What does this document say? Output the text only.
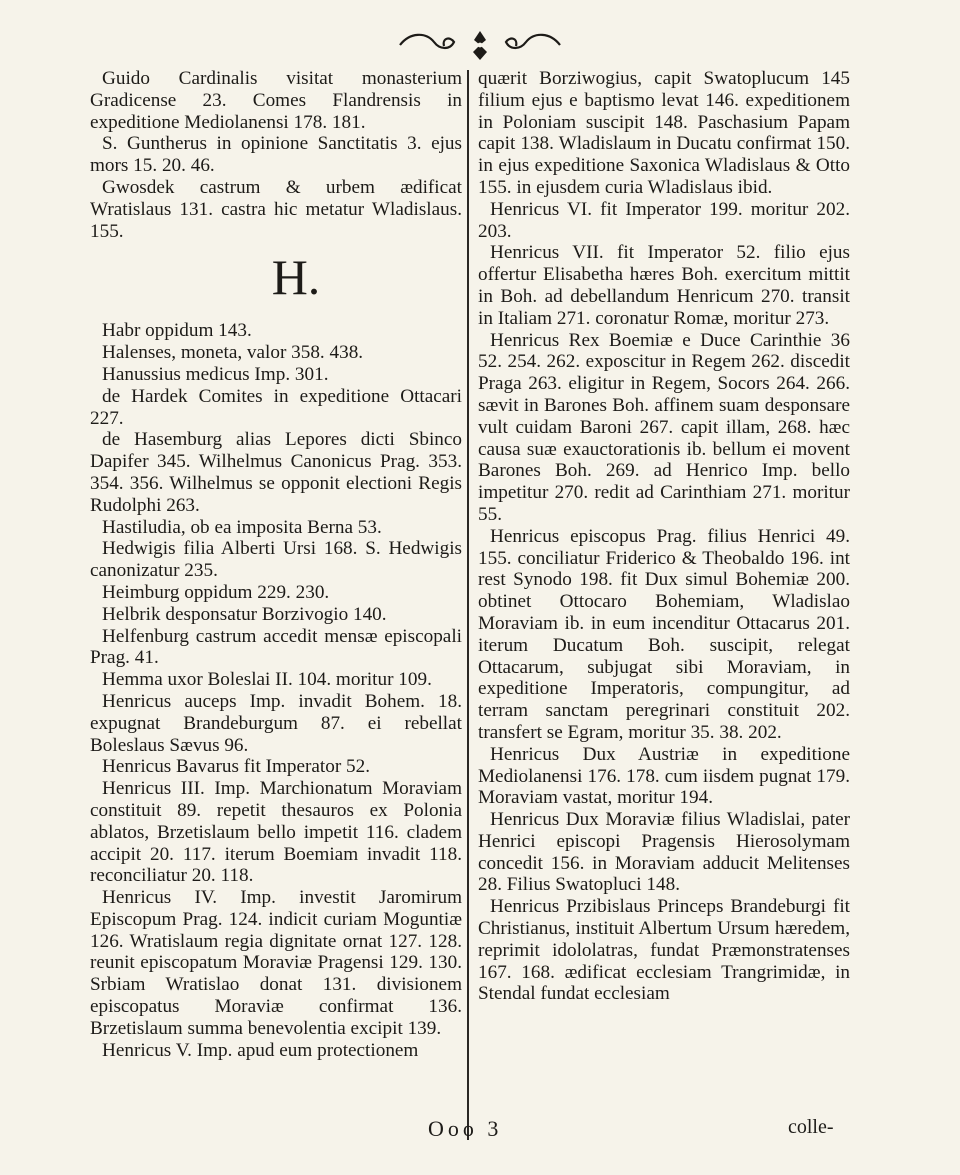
Guido Cardinalis visitat monasterium Gradicense 23. Comes Flandrensis in expeditione Mediolanensi 178. 181.

S. Guntherus in opinione Sanctitatis 3. ejus mors 15. 20. 46.

Gwosdek castrum & urbem ædificat Wratislaus 131. castra hic metatur Wladislaus. 155.

H.

Habr oppidum 143.

Halenses, moneta, valor 358. 438.

Hanussius medicus Imp. 301.

de Hardek Comites in expeditione Ottacari 227.

de Hasemburg alias Lepores dicti Sbinco Dapifer 345. Wilhelmus Canonicus Prag. 353. 354. 356. Wilhelmus se opponit electioni Regis Rudolphi 263.

Hastiludia, ob ea imposita Berna 53.

Hedwigis filia Alberti Ursi 168. S. Hedwigis canonizatur 235.

Heimburg oppidum 229. 230.

Helbrik desponsatur Borzivogio 140.

Helfenburg castrum accedit mensæ episcopali Prag. 41.

Hemma uxor Boleslai II. 104. moritur 109.

Henricus auceps Imp. invadit Bohem. 18. expugnat Brandeburgum 87. ei rebellat Boleslaus Sævus 96.

Henricus Bavarus fit Imperator 52.

Henricus III. Imp. Marchionatum Moraviam constituit 89. repetit thesauros ex Polonia ablatos, Brzetislaum bello impetit 116. cladem accipit 20. 117. iterum Boemiam invadit 118. reconciliatur 20. 118.

Henricus IV. Imp. investit Jaromirum Episcopum Prag. 124. indicit curiam Moguntiæ 126. Wratislaum regia dignitate ornat 127. 128. reunit episcopatum Moraviæ Pragensi 129. 130. Srbiam Wratislao donat 131. divisionem episcopatus Moraviæ confirmat 136. Brzetislaum summa benevolentia excipit 139.

Henricus V. Imp. apud eum protectionem

quærit Borziwogius, capit Swatoplucum 145 filium ejus e baptismo levat 146. expeditionem in Poloniam suscipit 148. Paschasium Papam capit 138. Wladislaum in Ducatu confirmat 150. in ejus expeditione Saxonica Wladislaus & Otto 155. in ejusdem curia Wladislaus ibid.

Henricus VI. fit Imperator 199. moritur 202. 203.

Henricus VII. fit Imperator 52. filio ejus offertur Elisabetha hæres Boh. exercitum mittit in Boh. ad debellandum Henricum 270. transit in Italiam 271. coronatur Romæ, moritur 273.

Henricus Rex Boemiæ e Duce Carinthie 36 52. 254. 262. exposcitur in Regem 262. discedit Praga 263. eligitur in Regem, Socors 264. 266. sævit in Barones Boh. affinem suam desponsare vult cuidam Baroni 267. capit illam, 268. hæc causa suæ exauctorationis ib. bellum ei movent Barones Boh. 269. ad Henrico Imp. bello impetitur 270. redit ad Carinthiam 271. moritur 55.

Henricus episcopus Prag. filius Henrici 49. 155. conciliatur Friderico & Theobaldo 196. int rest Synodo 198. fit Dux simul Bohemiæ 200. obtinet Ottocaro Bohemiam, Wladislao Moraviam ib. in eum incenditur Ottacarus 201. iterum Ducatum Boh. suscipit, relegat Ottacarum, subjugat sibi Moraviam, in expeditione Imperatoris, compungitur, ad terram sanctam peregrinari constituit 202. transfert se Egram, moritur 35. 38. 202.

Henricus Dux Austriæ in expeditione Mediolanensi 176. 178. cum iisdem pugnat 179. Moraviam vastat, moritur 194.

Henricus Dux Moraviæ filius Wladislai, pater Henrici episcopi Pragensis Hierosolymam concedit 156. in Moraviam adducit Melitenses 28. Filius Swatopluci 148.

Henricus Przibislaus Princeps Brandeburgi fit Christianus, instituit Albertum Ursum hæredem, reprimit idololatras, fundat Præmonstratenses 167. 168. ædificat ecclesiam Trangrimidæ, in Stendal fundat ecclesiam

Ooo 3	colle-
